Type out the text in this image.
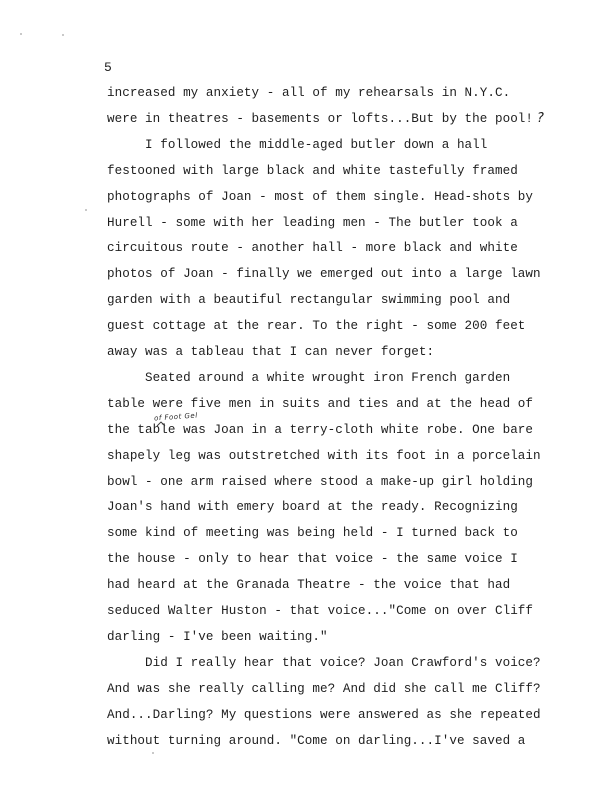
5
increased my anxiety - all of my rehearsals in N.Y.C.
were in theatres - basements or lofts...But by the pool!
I followed the middle-aged butler down a hall
festooned with large black and white tastefully framed
photographs of Joan - most of them single. Head-shots by
Hurell - some with her leading men - The butler took a
circuitous route - another hall - more black and white
photos of Joan - finally we emerged out into a large lawn
garden with a beautiful rectangular swimming pool and
guest cottage at the rear. To the right - some 200 feet
away was a tableau that I can never forget:
Seated around a white wrought iron French garden
table were five men in suits and ties and at the head of
the table was Joan in a terry-cloth white robe. One bare
shapely leg was outstretched with its foot in a porcelain
bowl - one arm raised where stood a make-up girl holding
Joan's hand with emery board at the ready. Recognizing
some kind of meeting was being held - I turned back to
the house - only to hear that voice - the same voice I
had heard at the Granada Theatre - the voice that had
seduced Walter Huston - that voice..."Come on over Cliff
darling - I've been waiting."
Did I really hear that voice? Joan Crawford's voice?
And was she really calling me? And did she call me Cliff?
And...Darling? My questions were answered as she repeated
without turning around. "Come on darling...I've saved a
of Foot Gel
?
